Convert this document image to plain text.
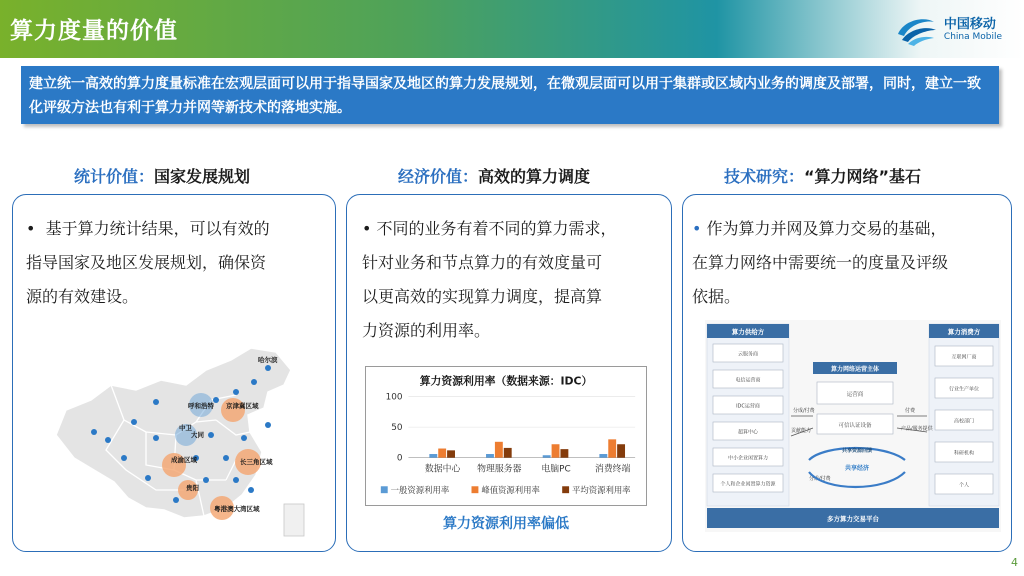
算力度量的价值	中国移动
China Mobile
建立统一高效的算力度量标准在宏观层面可以用于指导国家及地区的算力发展规划，在微观层面可以用于集群或区域内业务的调度及部署，同时，建立一致化评级方法也有利于算力并网等新技术的落地实施。
统计价值：国家发展规划	经济价值：高效的算力调度	技术研究：“算力网络”基石
• 基于算力统计结果，可以有效的
指导国家及地区发展规划，确保资
源的有效建设。
• 不同的业务有着不同的算力需求，
针对业务和节点算力的有效度量可
以更高效的实现算力调度，提高算
力资源的利用率。
• 作为算力并网及算力交易的基础，
在算力网络中需要统一的度量及评级
依据。
哈尔滨
呼和浩特 京津冀区域
中卫
大同
成渝区域	长三角区域
贵阳
粤港澳大湾区域
算力资源利用率（数据来源：IDC）
0
50
100
数据中心 物理服务器 电脑PC	消费终端
一般资源利用率	峰值资源利用率	平均资源利用率
算力资源利用率偏低
算力供给方
云服务商
电信运营商
IDC运营商
超算中心
中小企业闲置算力
个人和企业闲置算力资源
算力网络运营主体
运营商
可信认证设备
算力消费方
互联网厂商
行业生产单位
高校部门
科研机构
个人
分成/付费	付费
贡献能力	产品/服务提供
分成/付费
共享资源回馈
共享经济
多方算力交易平台
4
